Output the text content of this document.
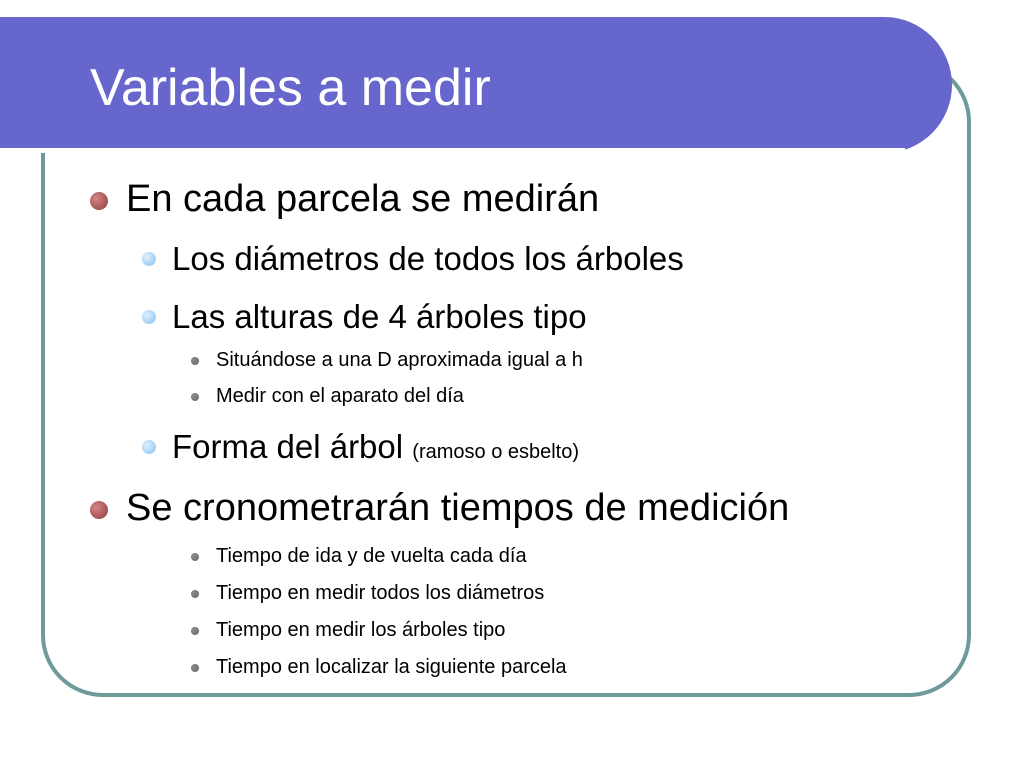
Variables a medir
En cada parcela se medirán
Los diámetros de todos los árboles
Las alturas de 4 árboles tipo
Situándose a una D aproximada igual a h
Medir con el aparato del día
Forma del árbol (ramoso o esbelto)
Se cronometrarán tiempos de medición
Tiempo de ida y de vuelta cada día
Tiempo en medir todos los diámetros
Tiempo en medir los árboles tipo
Tiempo en localizar la siguiente parcela
